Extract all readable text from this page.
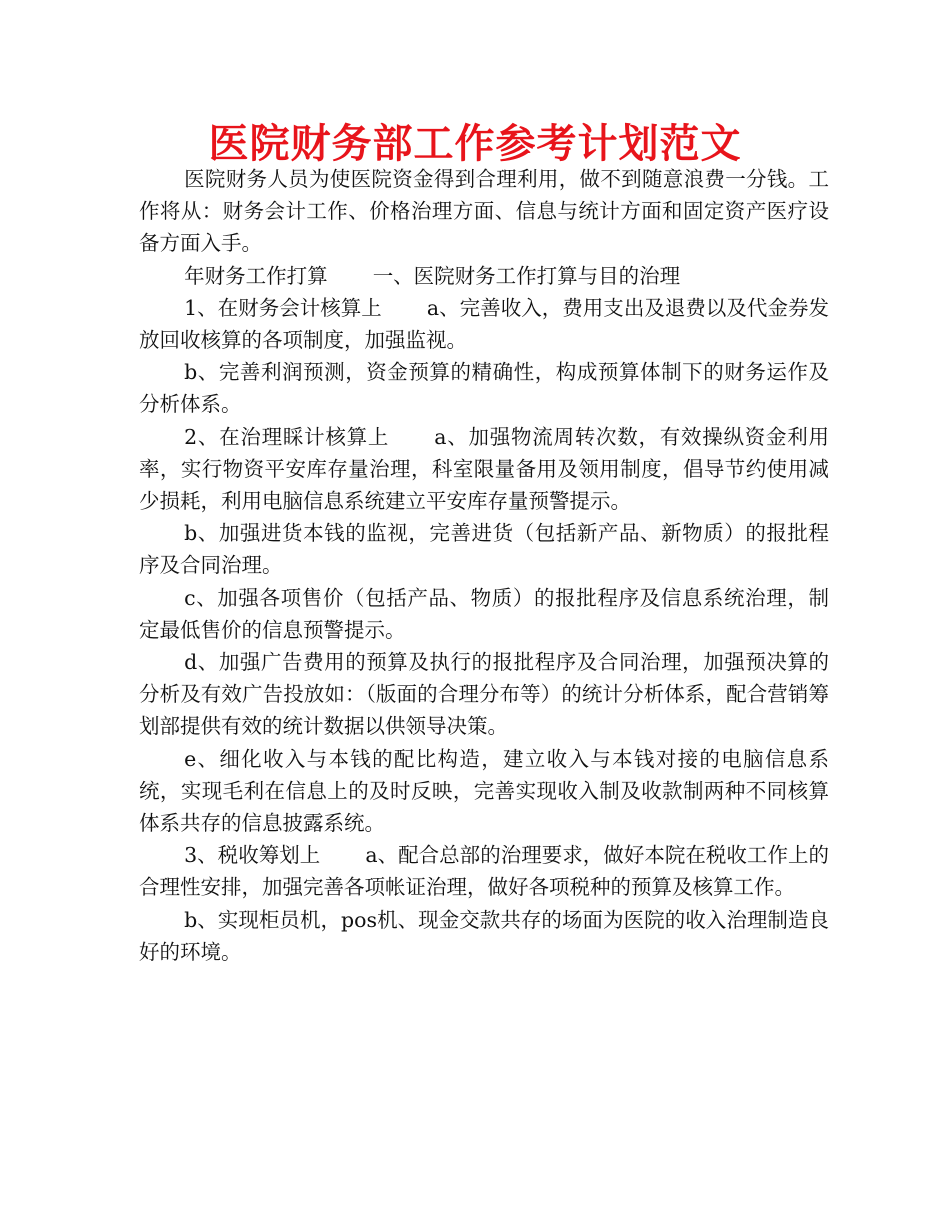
医院财务部工作参考计划范文

医院财务人员为使医院资金得到合理利用，做不到随意浪费一分钱。工作将从：财务会计工作、价格治理方面、信息与统计方面和固定资产医疗设备方面入手。

年财务工作打算 一、医院财务工作打算与目的治理

1、在财务会计核算上 a、完善收入，费用支出及退费以及代金券发放回收核算的各项制度，加强监视。

b、完善利润预测，资金预算的精确性，构成预算体制下的财务运作及分析体系。

2、在治理睬计核算上 a、加强物流周转次数，有效操纵资金利用率，实行物资平安库存量治理，科室限量备用及领用制度，倡导节约使用减少损耗，利用电脑信息系统建立平安库存量预警提示。

b、加强进货本钱的监视，完善进货（包括新产品、新物质）的报批程序及合同治理。

c、加强各项售价（包括产品、物质）的报批程序及信息系统治理，制定最低售价的信息预警提示。

d、加强广告费用的预算及执行的报批程序及合同治理，加强预决算的分析及有效广告投放如：（版面的合理分布等）的统计分析体系，配合营销筹划部提供有效的统计数据以供领导决策。

e、细化收入与本钱的配比构造，建立收入与本钱对接的电脑信息系统，实现毛利在信息上的及时反映，完善实现收入制及收款制两种不同核算体系共存的信息披露系统。

3、税收筹划上 a、配合总部的治理要求，做好本院在税收工作上的合理性安排，加强完善各项帐证治理，做好各项税种的预算及核算工作。

b、实现柜员机，pos机、现金交款共存的场面为医院的收入治理制造良好的环境。
